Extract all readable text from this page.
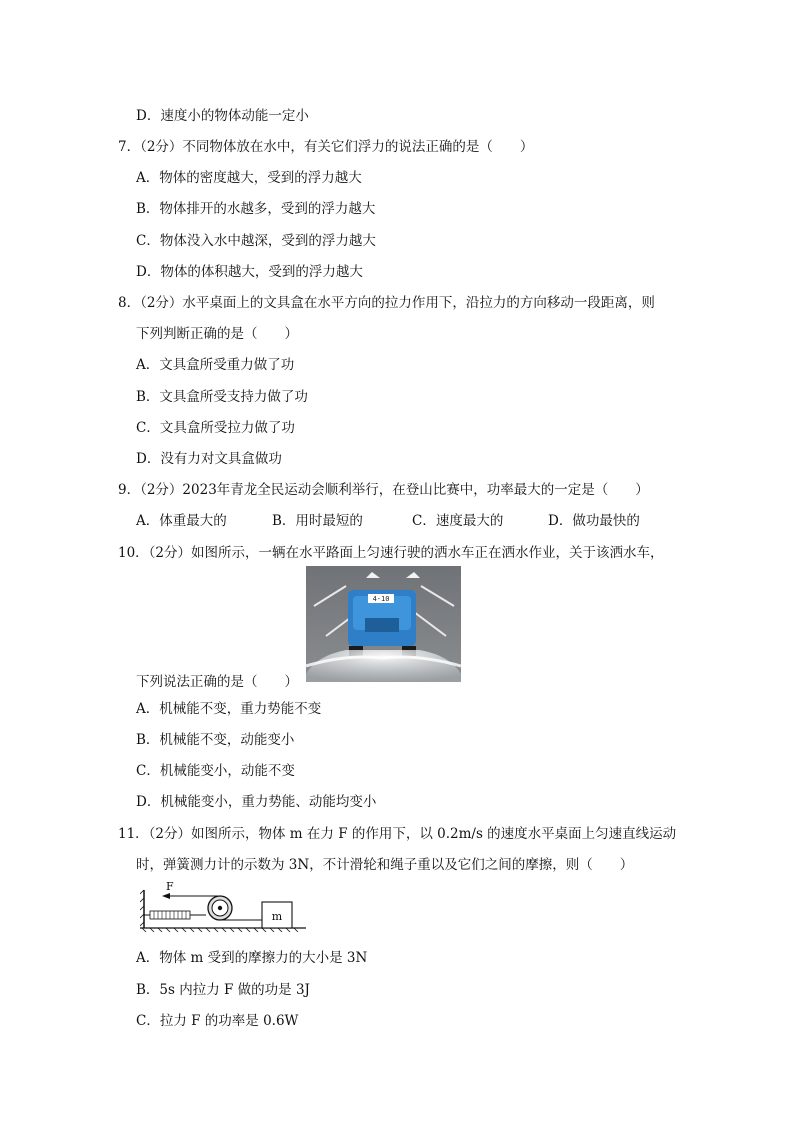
D．速度小的物体动能一定小
7．（2分）不同物体放在水中，有关它们浮力的说法正确的是（　　）
A．物体的密度越大，受到的浮力越大
B．物体排开的水越多，受到的浮力越大
C．物体没入水中越深，受到的浮力越大
D．物体的体积越大，受到的浮力越大
8．（2分）水平桌面上的文具盒在水平方向的拉力作用下，沿拉力的方向移动一段距离，则
下列判断正确的是（　　）
A．文具盒所受重力做了功
B．文具盒所受支持力做了功
C．文具盒所受拉力做了功
D．没有力对文具盒做功
9．（2分）2023年青龙全民运动会顺利举行，在登山比赛中，功率最大的一定是（　　）
A．体重最大的	B．用时最短的	C．速度最大的	D．做功最快的
10．（2分）如图所示，一辆在水平路面上匀速行驶的洒水车正在洒水作业，关于该洒水车，
4-10
下列说法正确的是（　　）
A．机械能不变，重力势能不变
B．机械能不变，动能变小
C．机械能变小，动能不变
D．机械能变小，重力势能、动能均变小
11．（2分）如图所示，物体 m 在力 F 的作用下，以 0.2m/s 的速度水平桌面上匀速直线运动
时，弹簧测力计的示数为 3N，不计滑轮和绳子重以及它们之间的摩擦，则（　　）
F
m
A．物体 m 受到的摩擦力的大小是 3N
B．5s 内拉力 F 做的功是 3J
C．拉力 F 的功率是 0.6W
